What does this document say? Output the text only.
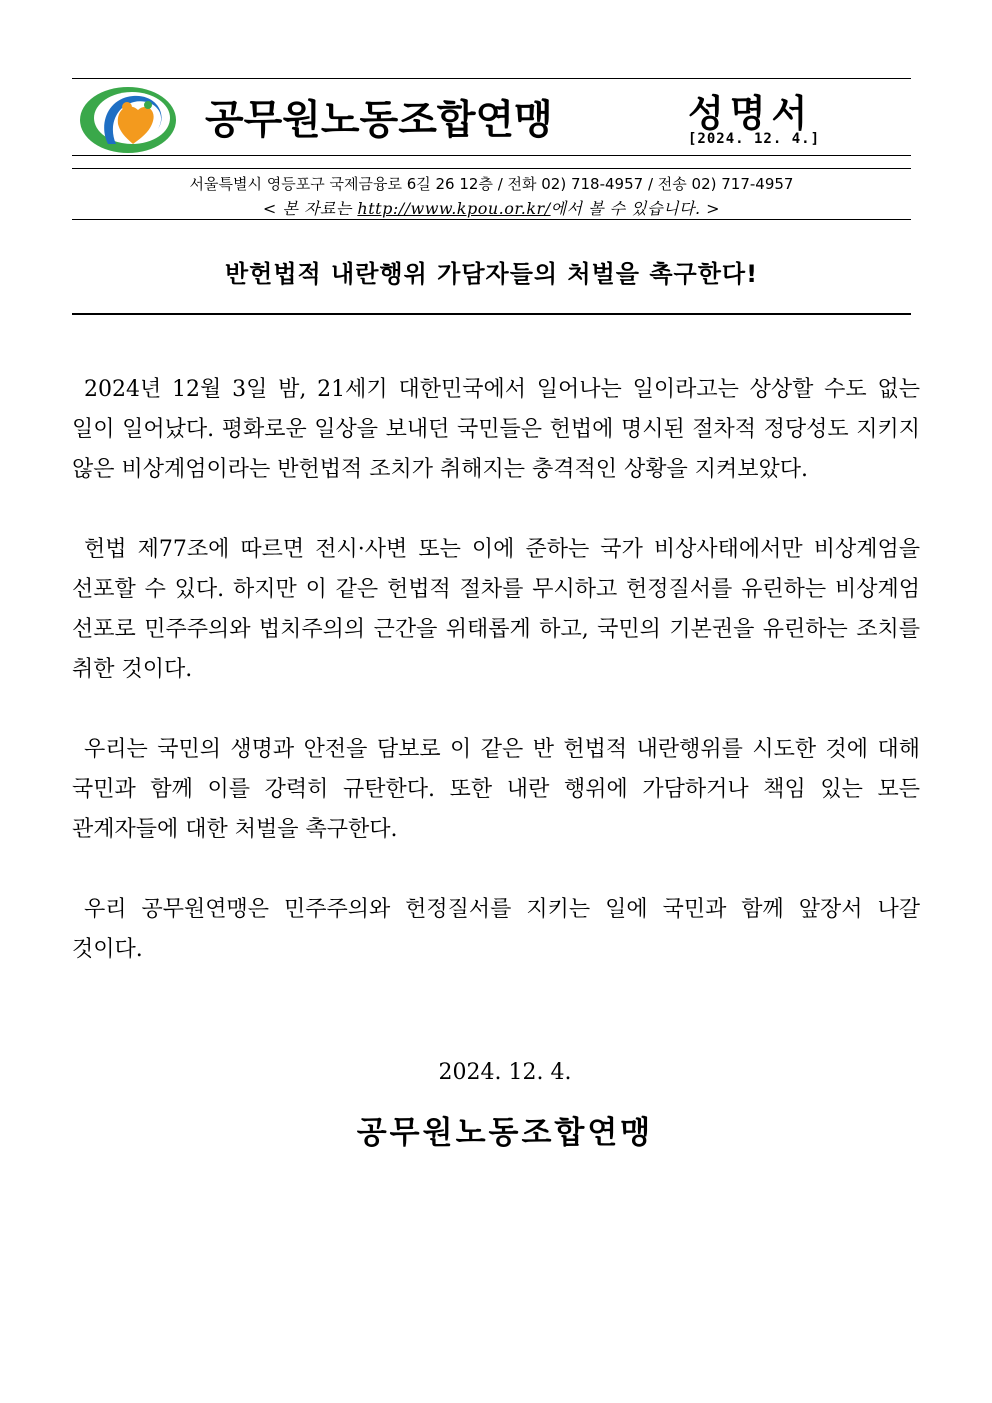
공무원노동조합연맹	성명서
[2024. 12. 4.]
서울특별시 영등포구 국제금융로 6길 26 12층 / 전화 02) 718-4957 / 전송 02) 717-4957
< 본 자료는 http://www.kpou.or.kr/에서 볼 수 있습니다. >
반헌법적 내란행위 가담자들의 처벌을 촉구한다!

2024년 12월 3일 밤, 21세기 대한민국에서 일어나는 일이라고는 상상할 수도 없는 일이 일어났다. 평화로운 일상을 보내던 국민들은 헌법에 명시된 절차적 정당성도 지키지 않은 비상계엄이라는 반헌법적 조치가 취해지는 충격적인 상황을 지켜보았다.

헌법 제77조에 따르면 전시·사변 또는 이에 준하는 국가 비상사태에서만 비상계엄을 선포할 수 있다. 하지만 이 같은 헌법적 절차를 무시하고 헌정질서를 유린하는 비상계엄 선포로 민주주의와 법치주의의 근간을 위태롭게 하고, 국민의 기본권을 유린하는 조치를 취한 것이다.

우리는 국민의 생명과 안전을 담보로 이 같은 반 헌법적 내란행위를 시도한 것에 대해 국민과 함께 이를 강력히 규탄한다. 또한 내란 행위에 가담하거나 책임 있는 모든 관계자들에 대한 처벌을 촉구한다.

우리 공무원연맹은 민주주의와 헌정질서를 지키는 일에 국민과 함께 앞장서 나갈 것이다.

2024. 12. 4.
공무원노동조합연맹
